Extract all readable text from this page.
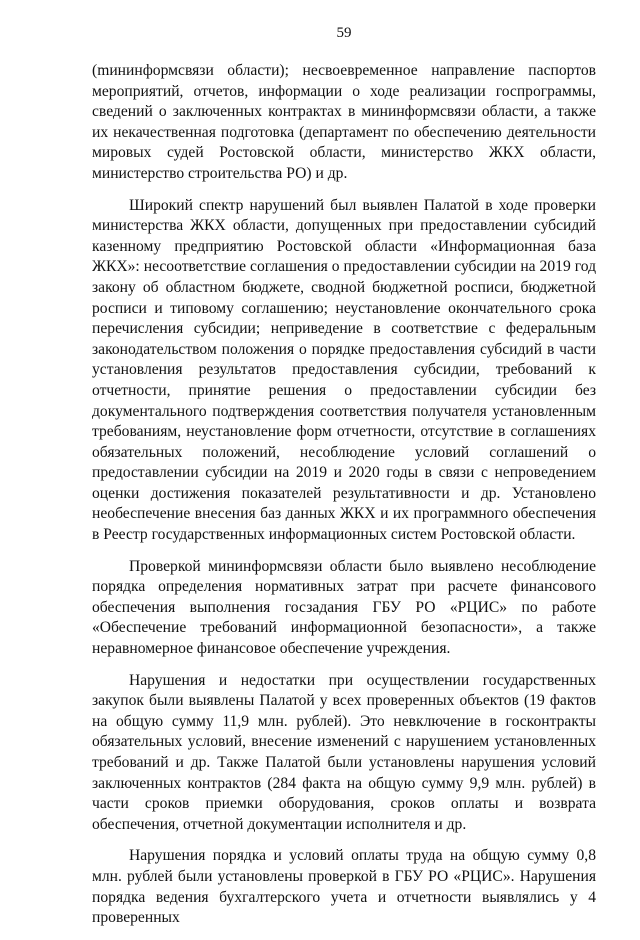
59

(mининформсвязи области); несвоевременное направление паспортов мероприятий, отчетов, информации о ходе реализации госпрограммы, сведений о заключенных контрактах в мининформсвязи области, а также их некачественная подготовка (департамент по обеспечению деятельности мировых судей Ростовской области, министерство ЖКХ области, министерство строительства РО) и др.

Широкий спектр нарушений был выявлен Палатой в ходе проверки министерства ЖКХ области, допущенных при предоставлении субсидий казенному предприятию Ростовской области «Информационная база ЖКХ»: несоответствие соглашения о предоставлении субсидии на 2019 год закону об областном бюджете, сводной бюджетной росписи, бюджетной росписи и типовому соглашению; неустановление окончательного срока перечисления субсидии; неприведение в соответствие с федеральным законодательством положения о порядке предоставления субсидий в части установления результатов предоставления субсидии, требований к отчетности, принятие решения о предоставлении субсидии без документального подтверждения соответствия получателя установленным требованиям, неустановление форм отчетности, отсутствие в соглашениях обязательных положений, несоблюдение условий соглашений о предоставлении субсидии на 2019 и 2020 годы в связи с непроведением оценки достижения показателей результативности и др. Установлено необеспечение внесения баз данных ЖКХ и их программного обеспечения в Реестр государственных информационных систем Ростовской области.

Проверкой мининформсвязи области было выявлено несоблюдение порядка определения нормативных затрат при расчете финансового обеспечения выполнения госзадания ГБУ РО «РЦИС» по работе «Обеспечение требований информационной безопасности», а также неравномерное финансовое обеспечение учреждения.

Нарушения и недостатки при осуществлении государственных закупок были выявлены Палатой у всех проверенных объектов (19 фактов на общую сумму 11,9 млн. рублей). Это невключение в госконтракты обязательных условий, внесение изменений с нарушением установленных требований и др. Также Палатой были установлены нарушения условий заключенных контрактов (284 факта на общую сумму 9,9 млн. рублей) в части сроков приемки оборудования, сроков оплаты и возврата обеспечения, отчетной документации исполнителя и др.

Нарушения порядка и условий оплаты труда на общую сумму 0,8 млн. рублей были установлены проверкой в ГБУ РО «РЦИС». Нарушения порядка ведения бухгалтерского учета и отчетности выявлялись у 4 проверенных
